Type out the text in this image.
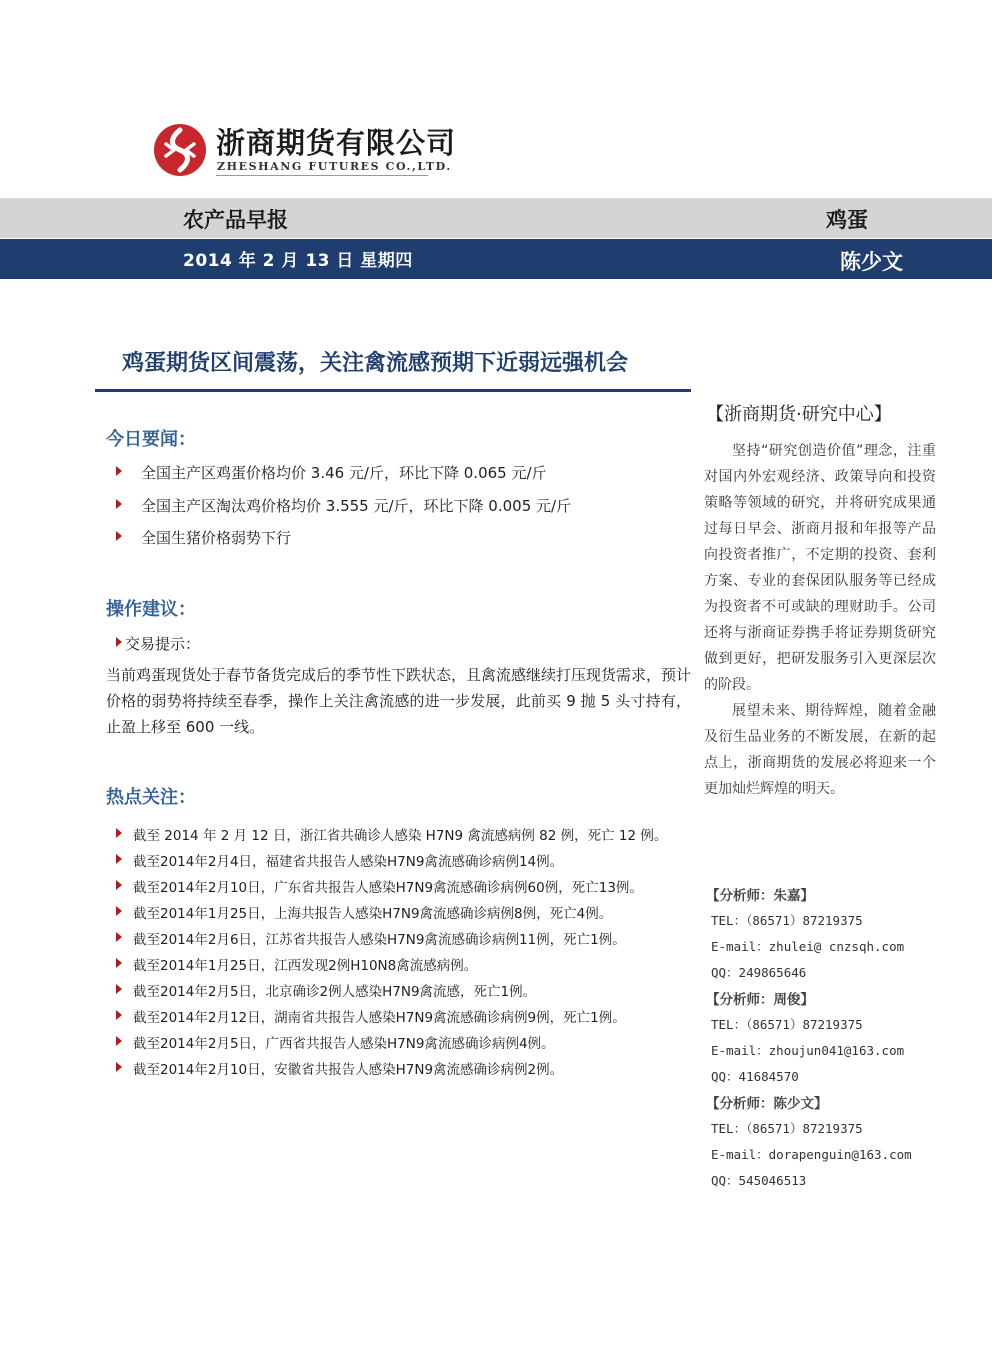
浙商期货有限公司
ZHESHANG FUTURES CO.,LTD.
农产品早报	鸡蛋
2014 年 2 月 13 日 星期四	陈少文
鸡蛋期货区间震荡，关注禽流感预期下近弱远强机会
今日要闻：
全国主产区鸡蛋价格均价 3.46 元/斤，环比下降 0.065 元/斤
全国主产区淘汰鸡价格均价 3.555 元/斤，环比下降 0.005 元/斤
全国生猪价格弱势下行
操作建议：
交易提示：
当前鸡蛋现货处于春节备货完成后的季节性下跌状态，且禽流感继续打压现货需求，预计价格的弱势将持续至春季，操作上关注禽流感的进一步发展，此前买 9 抛 5 头寸持有，止盈上移至 600 一线。
热点关注：
截至 2014 年 2 月 12 日，浙江省共确诊人感染 H7N9 禽流感病例 82 例，死亡 12 例。
截至2014年2月4日，福建省共报告人感染H7N9禽流感确诊病例14例。
截至2014年2月10日，广东省共报告人感染H7N9禽流感确诊病例60例，死亡13例。
截至2014年1月25日，上海共报告人感染H7N9禽流感确诊病例8例，死亡4例。
截至2014年2月6日，江苏省共报告人感染H7N9禽流感确诊病例11例，死亡1例。
截至2014年1月25日，江西发现2例H10N8禽流感病例。
截至2014年2月5日，北京确诊2例人感染H7N9禽流感，死亡1例。
截至2014年2月12日，湖南省共报告人感染H7N9禽流感确诊病例9例，死亡1例。
截至2014年2月5日，广西省共报告人感染H7N9禽流感确诊病例4例。
截至2014年2月10日，安徽省共报告人感染H7N9禽流感确诊病例2例。
【浙商期货·研究中心】

坚持“研究创造价值”理念，注重对国内外宏观经济、政策导向和投资策略等领域的研究，并将研究成果通过每日早会、浙商月报和年报等产品向投资者推广，不定期的投资、套利方案、专业的套保团队服务等已经成为投资者不可或缺的理财助手。公司还将与浙商证券携手将证券期货研究做到更好，把研发服务引入更深层次的阶段。

展望未来、期待辉煌，随着金融及衍生品业务的不断发展，在新的起点上，浙商期货的发展必将迎来一个更加灿烂辉煌的明天。

【分析师：朱嘉】
TEL：（86571）87219375
E-mail：zhulei@ cnzsqh.com
QQ：249865646
【分析师：周俊】
TEL：（86571）87219375
E-mail：zhoujun041@163.com
QQ：41684570
【分析师：陈少文】
TEL：（86571）87219375
E-mail：dorapenguin@163.com
QQ：545046513
